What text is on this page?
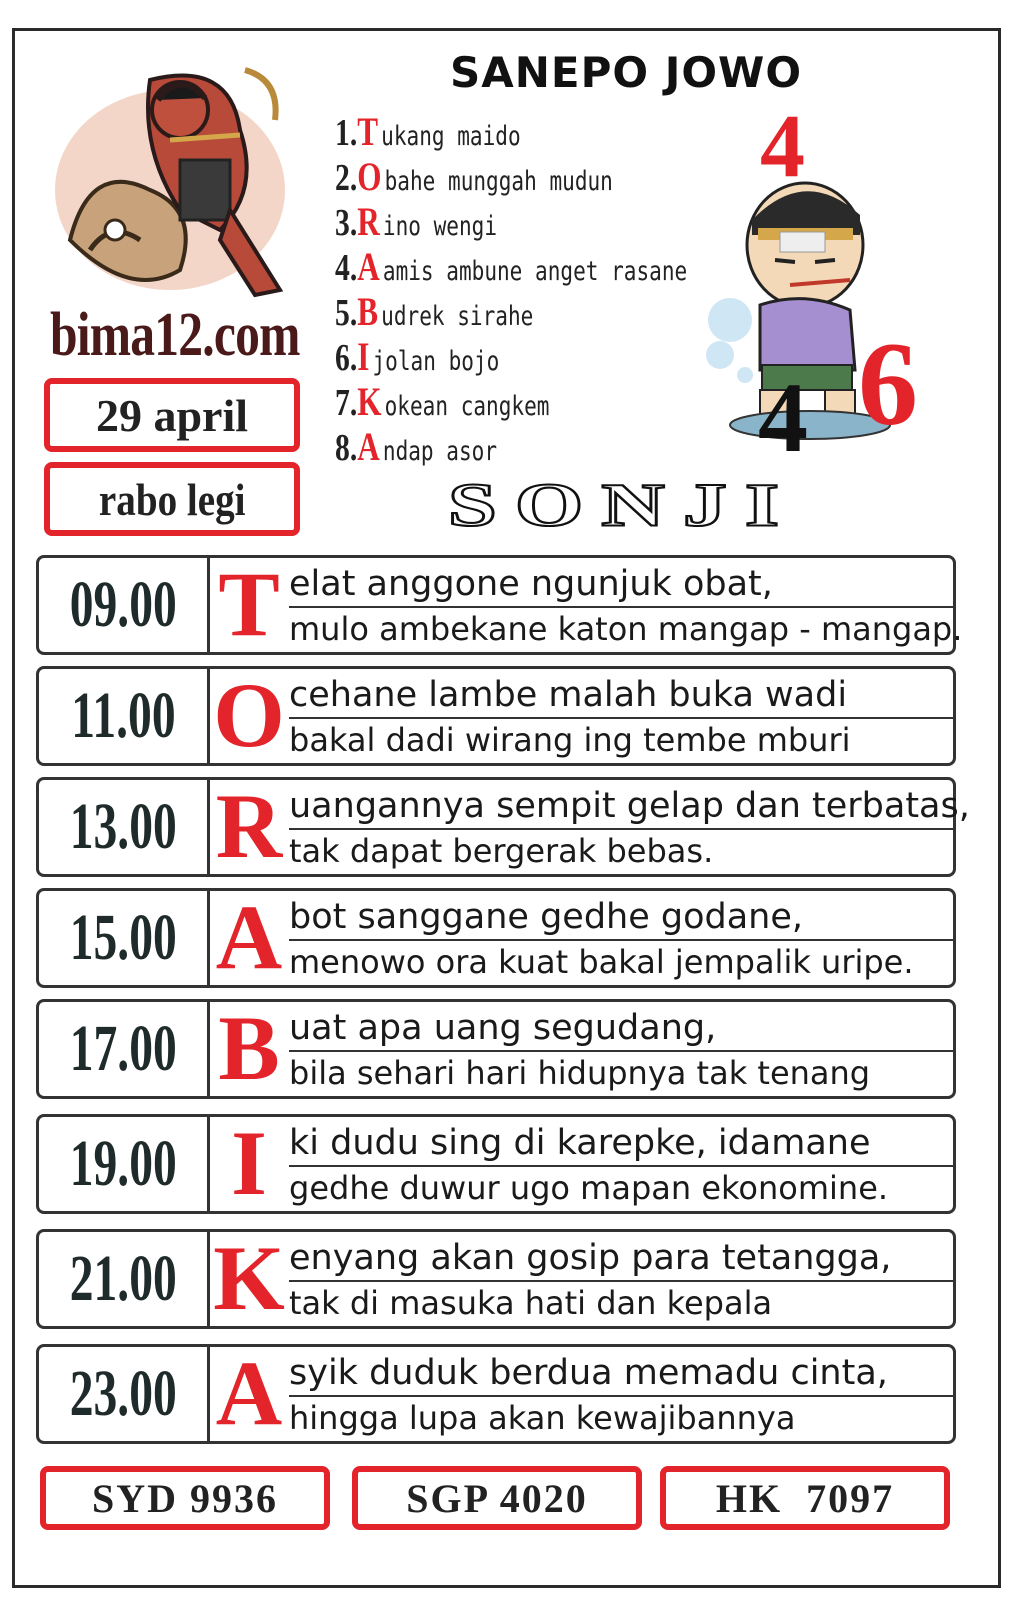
bima12.com
29 april
rabo legi
SANEPO JOWO
1. T ukang maido
2. O bahe munggah mudun
3. R ino wengi
4. A amis ambune anget rasane
5. B udrek sirahe
6. I jolan bojo
7. K okean cangkem
8. A ndap asor
4
6
4
SONJI
09.00 T elat anggone ngunjuk obat,
mulo ambekane katon mangap - mangap.
11.00 O cehane lambe malah buka wadi
bakal dadi wirang ing tembe mburi
13.00 R uangannya sempit gelap dan terbatas,
tak dapat bergerak bebas.
15.00 A bot sanggane gedhe godane,
menowo ora kuat bakal jempalik uripe.
17.00 B uat apa uang segudang,
bila sehari hari hidupnya tak tenang
19.00 I ki dudu sing di karepke, idamane
gedhe duwur ugo mapan ekonomine.
21.00 K enyang akan gosip para tetangga,
tak di masuka hati dan kepala
23.00 A syik duduk berdua memadu cinta,
hingga lupa akan kewajibannya
SYD 9936	SGP 4020	HK  7097
